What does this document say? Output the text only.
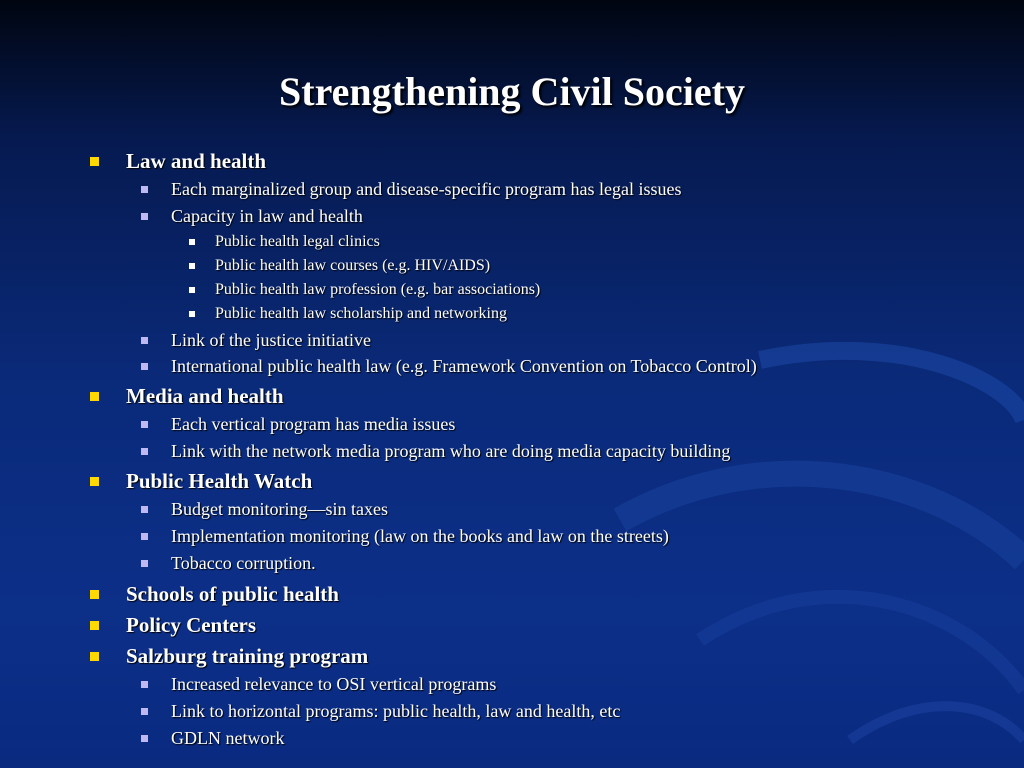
Strengthening Civil Society
Law and health
Each marginalized group and disease-specific program has legal issues
Capacity in law and health
Public health legal clinics
Public health law courses (e.g. HIV/AIDS)
Public health law profession (e.g. bar associations)
Public health law scholarship and networking
Link of the justice initiative
International public health law (e.g. Framework Convention on Tobacco Control)
Media and health
Each vertical program has media issues
Link with the network media program who are doing media capacity building
Public Health Watch
Budget monitoring—sin taxes
Implementation monitoring (law on the books and law on the streets)
Tobacco corruption.
Schools of public health
Policy Centers
Salzburg training program
Increased relevance to OSI vertical programs
Link to horizontal programs: public health, law and health, etc
GDLN network
